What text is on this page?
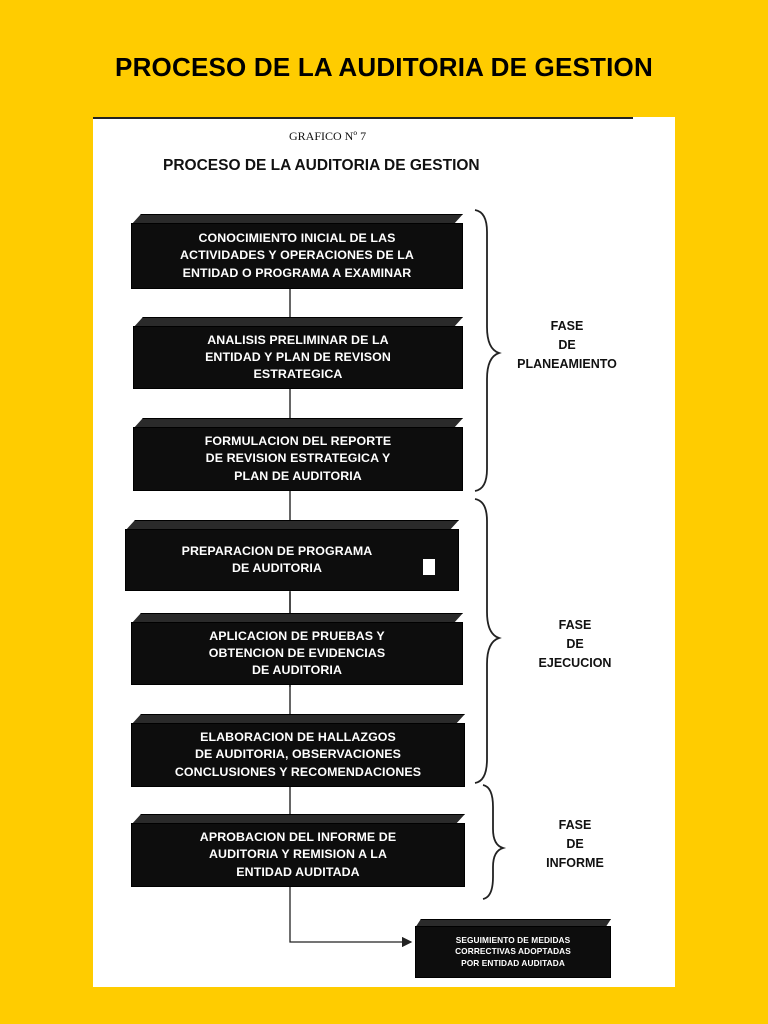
PROCESO DE LA AUDITORIA DE GESTION
GRAFICO Nº 7
PROCESO DE LA AUDITORIA DE GESTION
CONOCIMIENTO INICIAL DE LAS
ACTIVIDADES Y OPERACIONES DE LA
ENTIDAD O PROGRAMA A EXAMINAR
ANALISIS PRELIMINAR DE LA
ENTIDAD Y PLAN DE REVISON
ESTRATEGICA
FORMULACION DEL REPORTE
DE REVISION ESTRATEGICA Y
PLAN DE AUDITORIA
PREPARACION DE PROGRAMA
DE AUDITORIA
APLICACION DE PRUEBAS Y
OBTENCION DE EVIDENCIAS
DE AUDITORIA
ELABORACION DE HALLAZGOS
DE AUDITORIA, OBSERVACIONES
CONCLUSIONES Y RECOMENDACIONES
APROBACION DEL INFORME DE
AUDITORIA Y REMISION A LA
ENTIDAD AUDITADA
SEGUIMIENTO DE MEDIDAS
CORRECTIVAS ADOPTADAS
POR ENTIDAD AUDITADA
FASE
DE
PLANEAMIENTO
FASE
DE
EJECUCION
FASE
DE
INFORME
